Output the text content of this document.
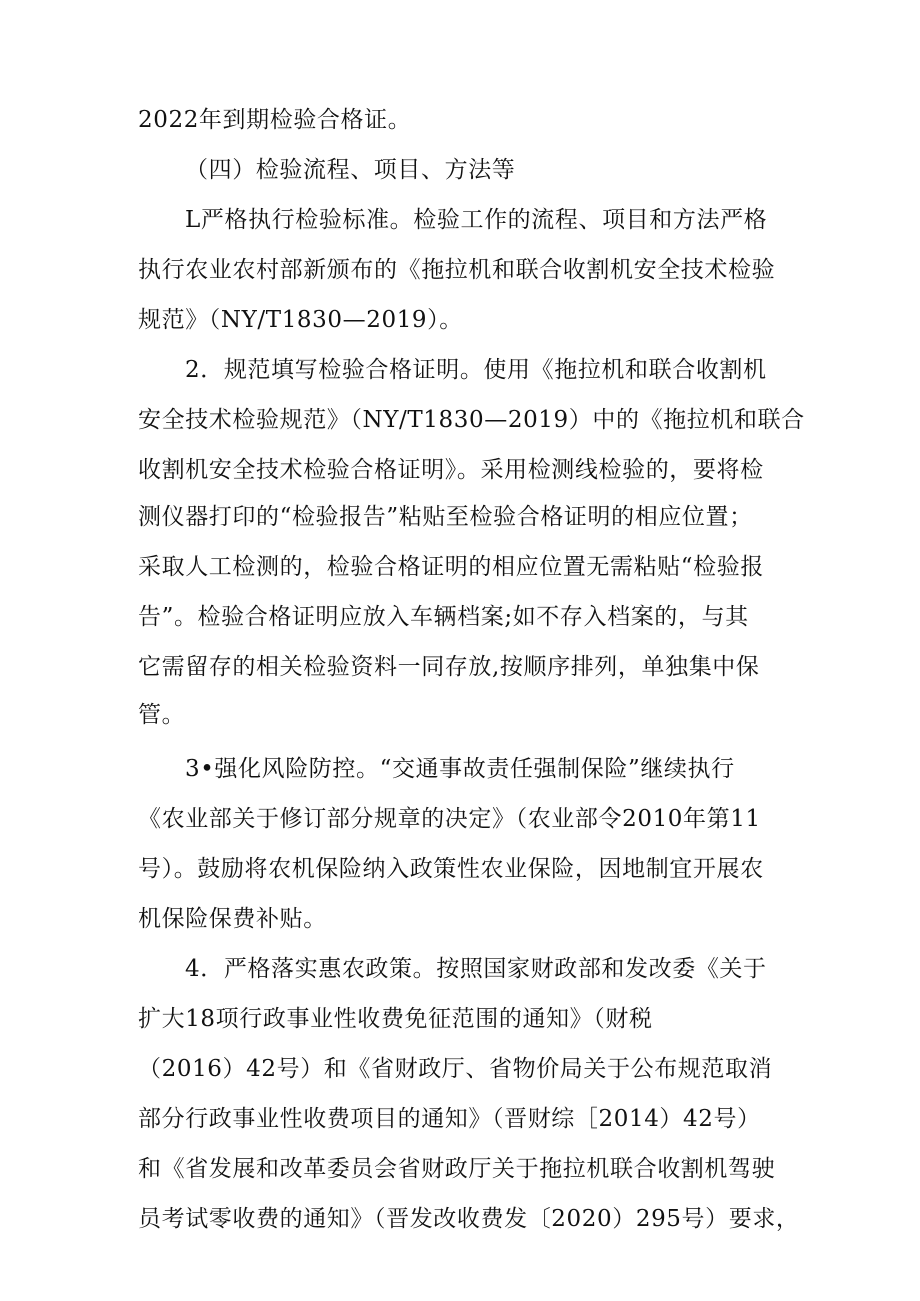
2022年到期检验合格证。
（四）检验流程、项目、方法等
L严格执行检验标准。检验工作的流程、项目和方法严格
执行农业农村部新颁布的《拖拉机和联合收割机安全技术检验
规范》（NY/T1830—2019）。
2．规范填写检验合格证明。使用《拖拉机和联合收割机
安全技术检验规范》（NY/T1830—2019）中的《拖拉机和联合
收割机安全技术检验合格证明》。采用检测线检验的，要将检
测仪器打印的“检验报告”粘贴至检验合格证明的相应位置；
采取人工检测的，检验合格证明的相应位置无需粘贴“检验报
告”。检验合格证明应放入车辆档案;如不存入档案的，与其
它需留存的相关检验资料一同存放,按顺序排列，单独集中保
管。
3•强化风险防控。“交通事故责任强制保险”继续执行
《农业部关于修订部分规章的决定》（农业部令2010年第11
号）。鼓励将农机保险纳入政策性农业保险，因地制宜开展农
机保险保费补贴。
4．严格落实惠农政策。按照国家财政部和发改委《关于
扩大18项行政事业性收费免征范围的通知》（财税
（2016）42号）和《省财政厅、省物价局关于公布规范取消
部分行政事业性收费项目的通知》（晋财综［2014）42号）
和《省发展和改革委员会省财政厅关于拖拉机联合收割机驾驶
员考试零收费的通知》（晋发改收费发〔2020）295号）要求，
